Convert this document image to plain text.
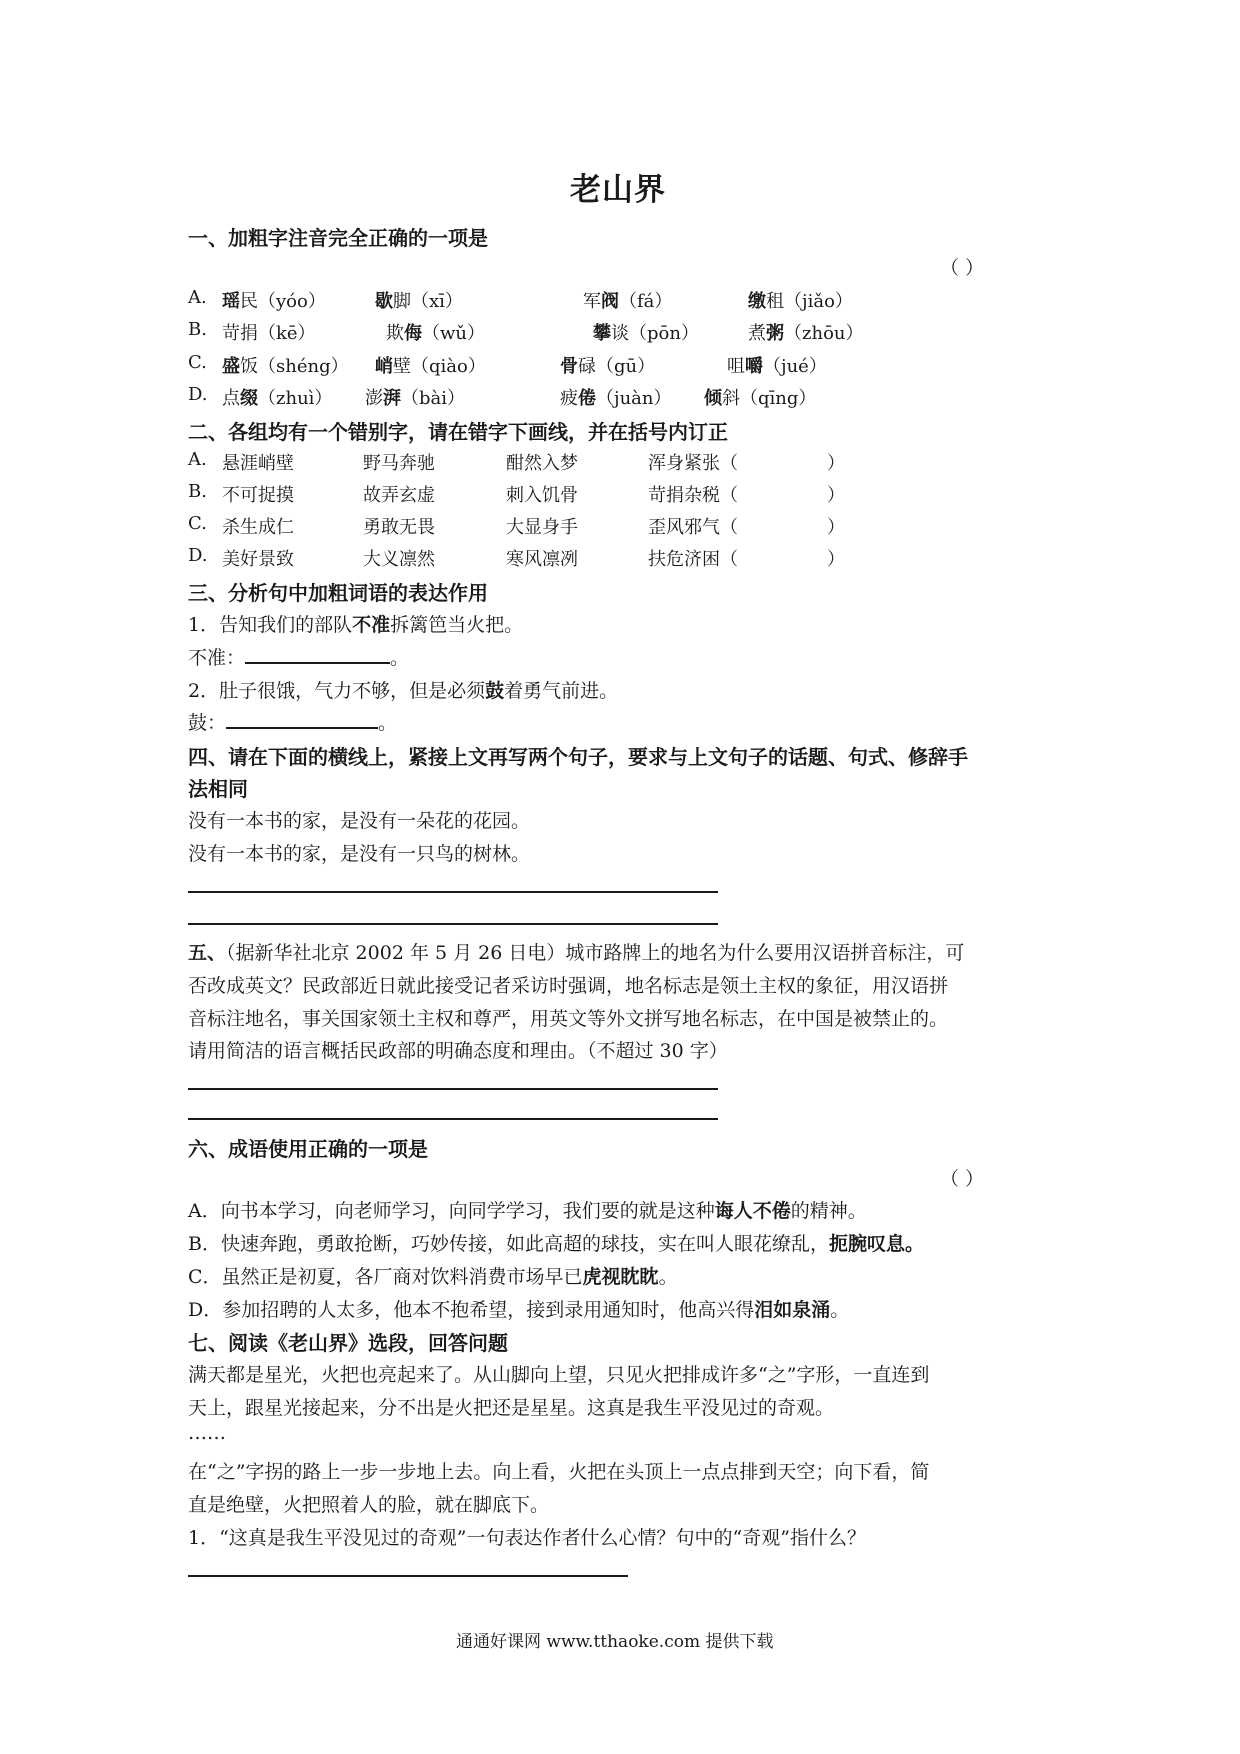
老山界
一、加粗字注音完全正确的一项是
（ ）
A. 瑶民（yóo）	歇脚（xī）	军阀（fá）	缴租（jiǎo）
B. 苛捐（kē）	欺侮（wǔ）	攀谈（pōn）	煮粥（zhōu）
C. 盛饭（shéng） 峭壁（qiào）	骨碌（gū）	咀嚼（jué）
D. 点缀（zhuì） 澎湃（bài）	疲倦（juàn） 倾斜（qīng）
二、各组均有一个错别字，请在错字下画线，并在括号内订正
A. 悬涯峭壁	野马奔驰	酣然入梦	浑身紧张（	）
B. 不可捉摸	故弄玄虚	刺入饥骨	苛捐杂税（	）
C. 杀生成仁	勇敢无畏	大显身手	歪风邪气（	）
D. 美好景致	大义凛然	寒风凛冽	扶危济困（	）
三、分析句中加粗词语的表达作用
1．告知我们的部队不准拆篱笆当火把。
不准：	。
2．肚子很饿，气力不够，但是必须鼓着勇气前进。
鼓：	。
四、请在下面的横线上，紧接上文再写两个句子，要求与上文句子的话题、句式、修辞手
法相同
没有一本书的家，是没有一朵花的花园。
没有一本书的家，是没有一只鸟的树林。
五、（据新华社北京 2002 年 5 月 26 日电）城市路牌上的地名为什么要用汉语拼音标注，可
否改成英文？民政部近日就此接受记者采访时强调，地名标志是领土主权的象征，用汉语拼
音标注地名，事关国家领土主权和尊严，用英文等外文拼写地名标志，在中国是被禁止的。
请用简洁的语言概括民政部的明确态度和理由。（不超过 30 字）
六、成语使用正确的一项是
（ ）
A．向书本学习，向老师学习，向同学学习，我们要的就是这种诲人不倦的精神。
B．快速奔跑，勇敢抢断，巧妙传接，如此高超的球技，实在叫人眼花缭乱，扼腕叹息。
C．虽然正是初夏，各厂商对饮料消费市场早已虎视眈眈。
D．参加招聘的人太多，他本不抱希望，接到录用通知时，他高兴得泪如泉涌。
七、阅读《老山界》选段，回答问题
满天都是星光，火把也亮起来了。从山脚向上望，只见火把排成许多“之”字形，一直连到
天上，跟星光接起来，分不出是火把还是星星。这真是我生平没见过的奇观。
……
在“之”字拐的路上一步一步地上去。向上看，火把在头顶上一点点排到天空；向下看，简
直是绝壁，火把照着人的脸，就在脚底下。
1．“这真是我生平没见过的奇观”一句表达作者什么心情？句中的“奇观”指什么？
通通好课网 www.tthaoke.com 提供下载
